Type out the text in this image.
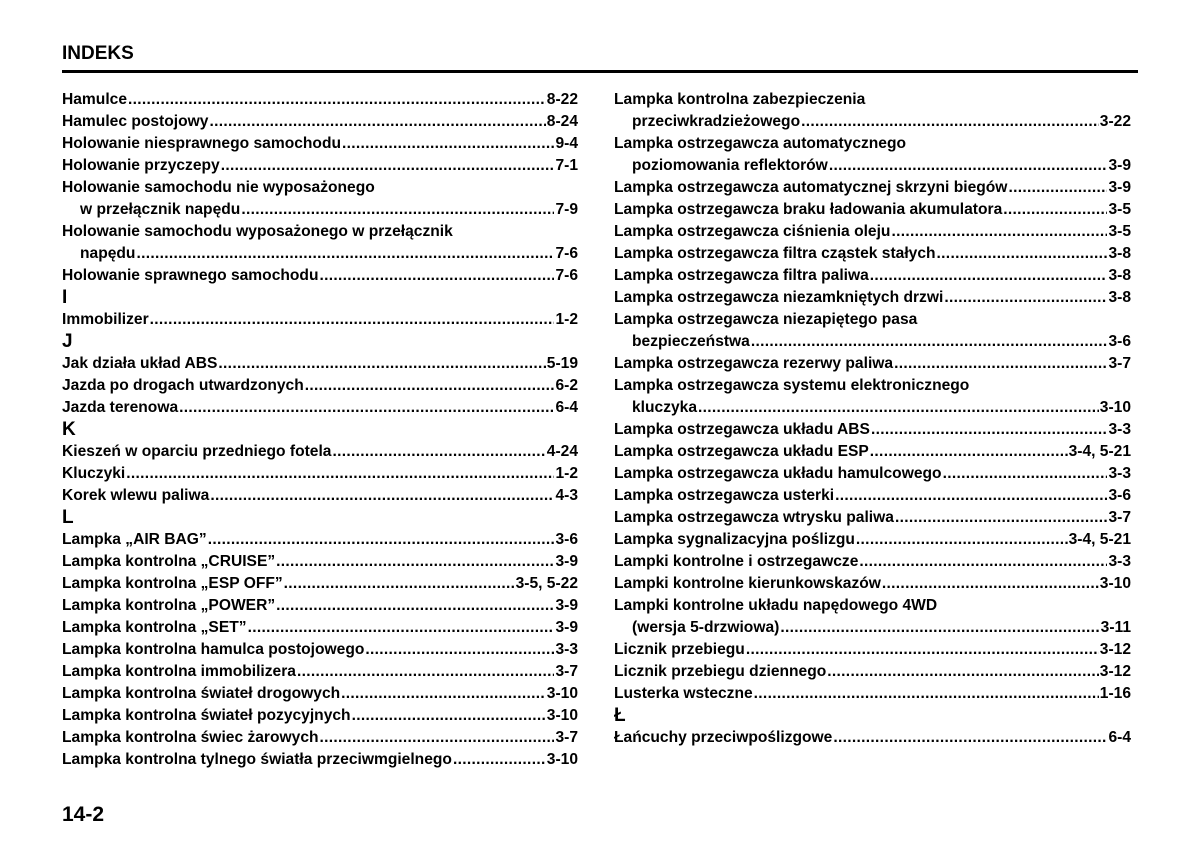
INDEKS
Hamulce .....	8-22
Hamulec postojowy .....	8-24
Holowanie niesprawnego samochodu .....	9-4
Holowanie przyczepy .....	7-1
Holowanie samochodu nie wyposażonego
w przełącznik napędu .....	7-9
Holowanie samochodu wyposażonego w przełącznik
napędu .....	7-6
Holowanie sprawnego samochodu .....	7-6
I
Immobilizer .....	1-2
J
Jak działa układ ABS .....	5-19
Jazda po drogach utwardzonych .....	6-2
Jazda terenowa .....	6-4
K
Kieszeń w oparciu przedniego fotela .....	4-24
Kluczyki .....	1-2
Korek wlewu paliwa .....	4-3
L
Lampka „AIR BAG” .....	3-6
Lampka kontrolna „CRUISE” .....	3-9
Lampka kontrolna „ESP OFF” .....	3-5, 5-22
Lampka kontrolna „POWER” .....	3-9
Lampka kontrolna „SET” .....	3-9
Lampka kontrolna hamulca postojowego .....	3-3
Lampka kontrolna immobilizera .....	3-7
Lampka kontrolna świateł drogowych .....	3-10
Lampka kontrolna świateł pozycyjnych .....	3-10
Lampka kontrolna świec żarowych .....	3-7
Lampka kontrolna tylnego światła przeciwmgielnego .....	3-10
Lampka kontrolna zabezpieczenia
przeciwkradzieżowego .....	3-22
Lampka ostrzegawcza automatycznego
poziomowania reflektorów .....	3-9
Lampka ostrzegawcza automatycznej skrzyni biegów .....	3-9
Lampka ostrzegawcza braku ładowania akumulatora .....	3-5
Lampka ostrzegawcza ciśnienia oleju .....	3-5
Lampka ostrzegawcza filtra cząstek stałych .....	3-8
Lampka ostrzegawcza filtra paliwa .....	3-8
Lampka ostrzegawcza niezamkniętych drzwi .....	3-8
Lampka ostrzegawcza niezapiętego pasa
bezpieczeństwa .....	3-6
Lampka ostrzegawcza rezerwy paliwa .....	3-7
Lampka ostrzegawcza systemu elektronicznego
kluczyka .....	3-10
Lampka ostrzegawcza układu ABS .....	3-3
Lampka ostrzegawcza układu ESP .....	3-4, 5-21
Lampka ostrzegawcza układu hamulcowego .....	3-3
Lampka ostrzegawcza usterki .....	3-6
Lampka ostrzegawcza wtrysku paliwa .....	3-7
Lampka sygnalizacyjna poślizgu .....	3-4, 5-21
Lampki kontrolne i ostrzegawcze .....	3-3
Lampki kontrolne kierunkowskazów .....	3-10
Lampki kontrolne układu napędowego 4WD
(wersja 5-drzwiowa) .....	3-11
Licznik przebiegu .....	3-12
Licznik przebiegu dziennego .....	3-12
Lusterka wsteczne .....	1-16
Ł
Łańcuchy przeciwpoślizgowe .....	6-4
14-2
